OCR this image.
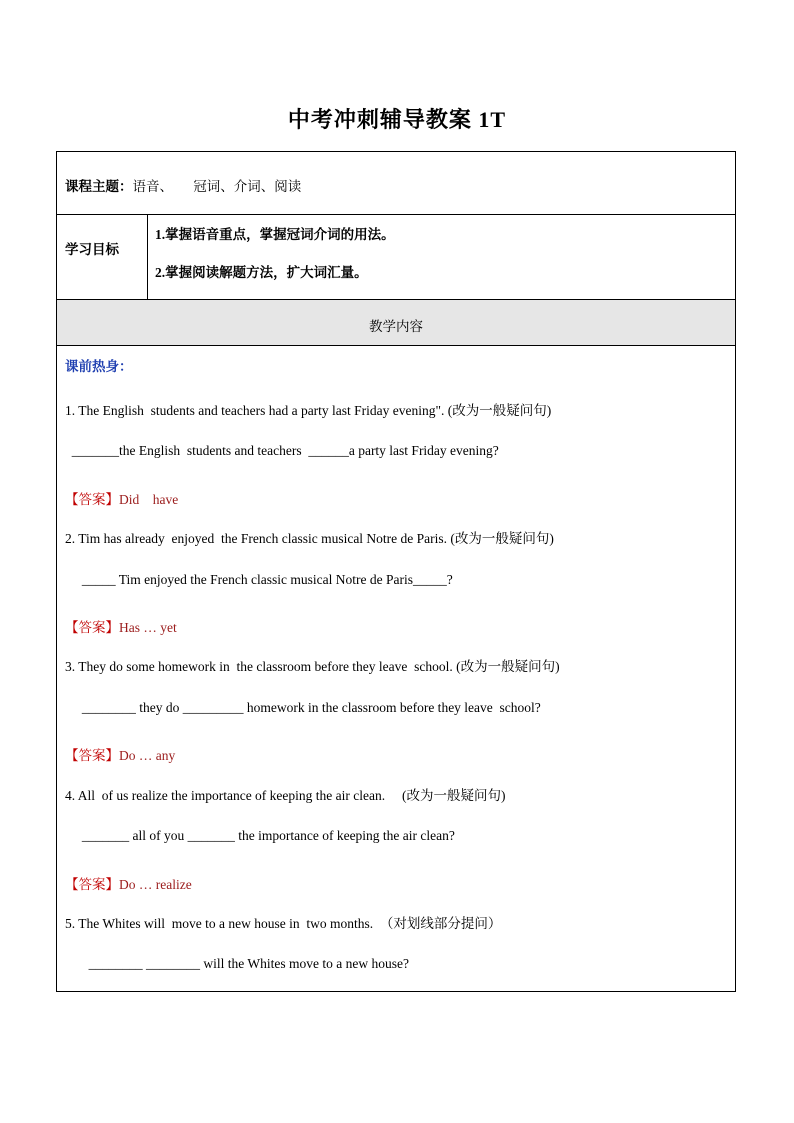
中考冲刺辅导教案 1T
课程主题：语音、      冠词、介词、阅读
学习目标
1.掌握语音重点，掌握冠词介词的用法。
2.掌握阅读解题方法，扩大词汇量。
教学内容
课前热身：
1. The English  students and teachers had a party last Friday evening". (改为一般疑问句)
_______the English  students and teachers  ______a party last Friday evening?
【答案】Did    have
2. Tim has already  enjoyed  the French classic musical Notre de Paris. (改为一般疑问句)
_____ Tim enjoyed the French classic musical Notre de Paris_____?
【答案】Has … yet
3. They do some homework in  the classroom before they leave  school. (改为一般疑问句)
________ they do _________ homework in the classroom before they leave  school?
【答案】Do … any
4. All  of us realize the importance of keeping the air clean.     (改为一般疑问句)
_______ all of you _______ the importance of keeping the air clean?
【答案】Do … realize
5. The Whites will  move to a new house in  two months.  （对划线部分提问）
________ ________ will the Whites move to a new house?
